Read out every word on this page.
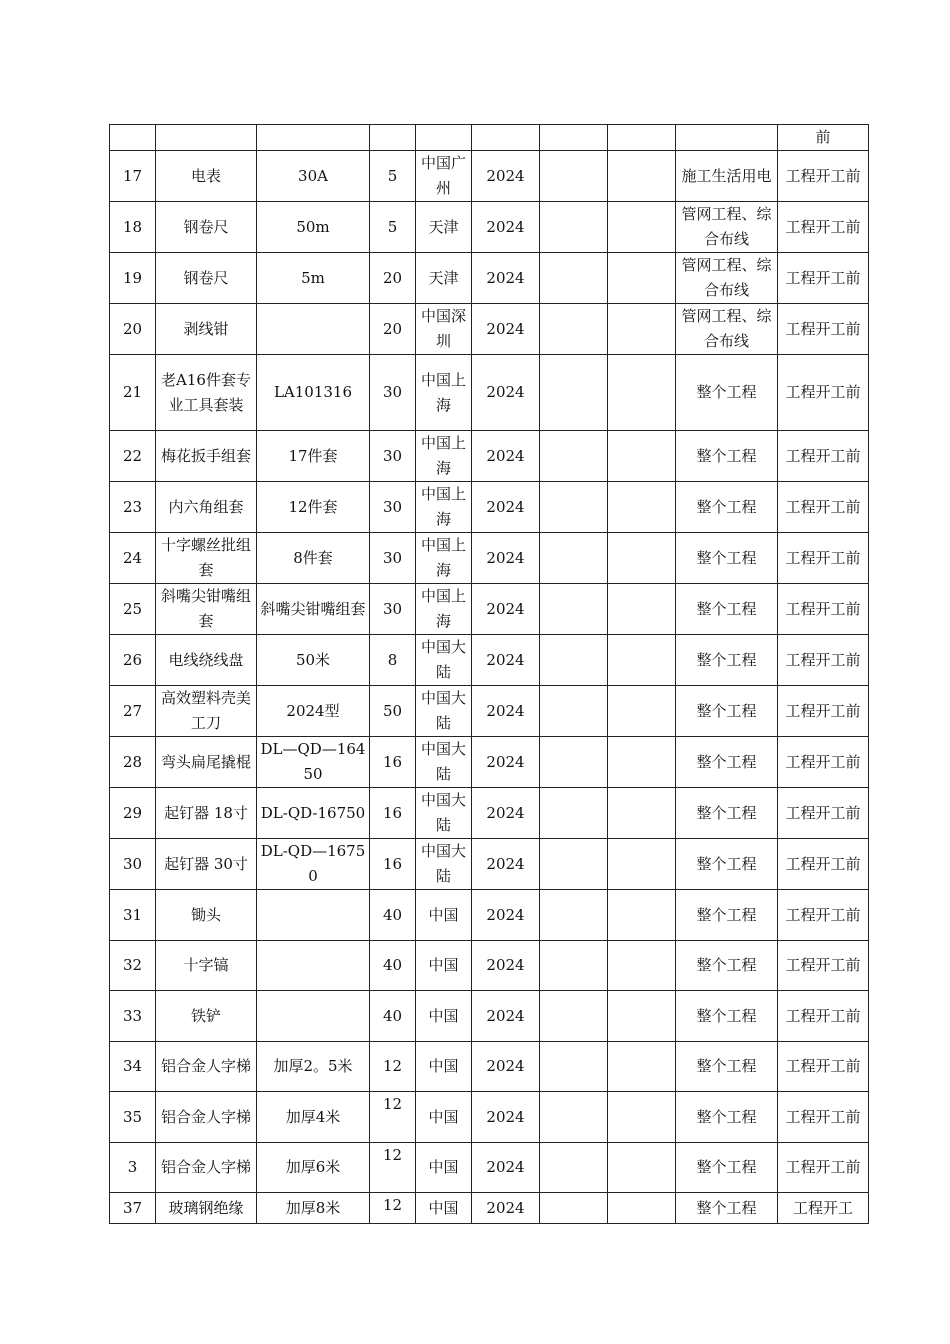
									前
17	电表	30A	5	中国广州	2024			施工生活用电	工程开工前
18	钢卷尺	50m	5	天津	2024			管网工程、综合布线	工程开工前
19	钢卷尺	5m	20	天津	2024			管网工程、综合布线	工程开工前
20	剥线钳		20	中国深圳	2024			管网工程、综合布线	工程开工前
21	老A16件套专业工具套装	LA101316	30	中国上海	2024			整个工程	工程开工前
22	梅花扳手组套	17件套	30	中国上海	2024			整个工程	工程开工前
23	内六角组套	12件套	30	中国上海	2024			整个工程	工程开工前
24	十字螺丝批组套	8件套	30	中国上海	2024			整个工程	工程开工前
25	斜嘴尖钳嘴组套	斜嘴尖钳嘴组套	30	中国上海	2024			整个工程	工程开工前
26	电线绕线盘	50米	8	中国大陆	2024			整个工程	工程开工前
27	高效塑料壳美工刀	2024型	50	中国大陆	2024			整个工程	工程开工前
28	弯头扁尾撬棍	DL—QD—16450	16	中国大陆	2024			整个工程	工程开工前
29	起钉器 18寸	DL-QD-16750	16	中国大陆	2024			整个工程	工程开工前
30	起钉器 30寸	DL-QD—16750	16	中国大陆	2024			整个工程	工程开工前
31	锄头		40	中国	2024			整个工程	工程开工前
32	十字镐		40	中国	2024			整个工程	工程开工前
33	铁铲		40	中国	2024			整个工程	工程开工前
34	铝合金人字梯	加厚2。5米	12	中国	2024			整个工程	工程开工前
35	铝合金人字梯	加厚4米	12	中国	2024			整个工程	工程开工前
3	铝合金人字梯	加厚6米	12	中国	2024			整个工程	工程开工前
37	玻璃钢绝缘	加厚8米	12	中国	2024			整个工程	工程开工
